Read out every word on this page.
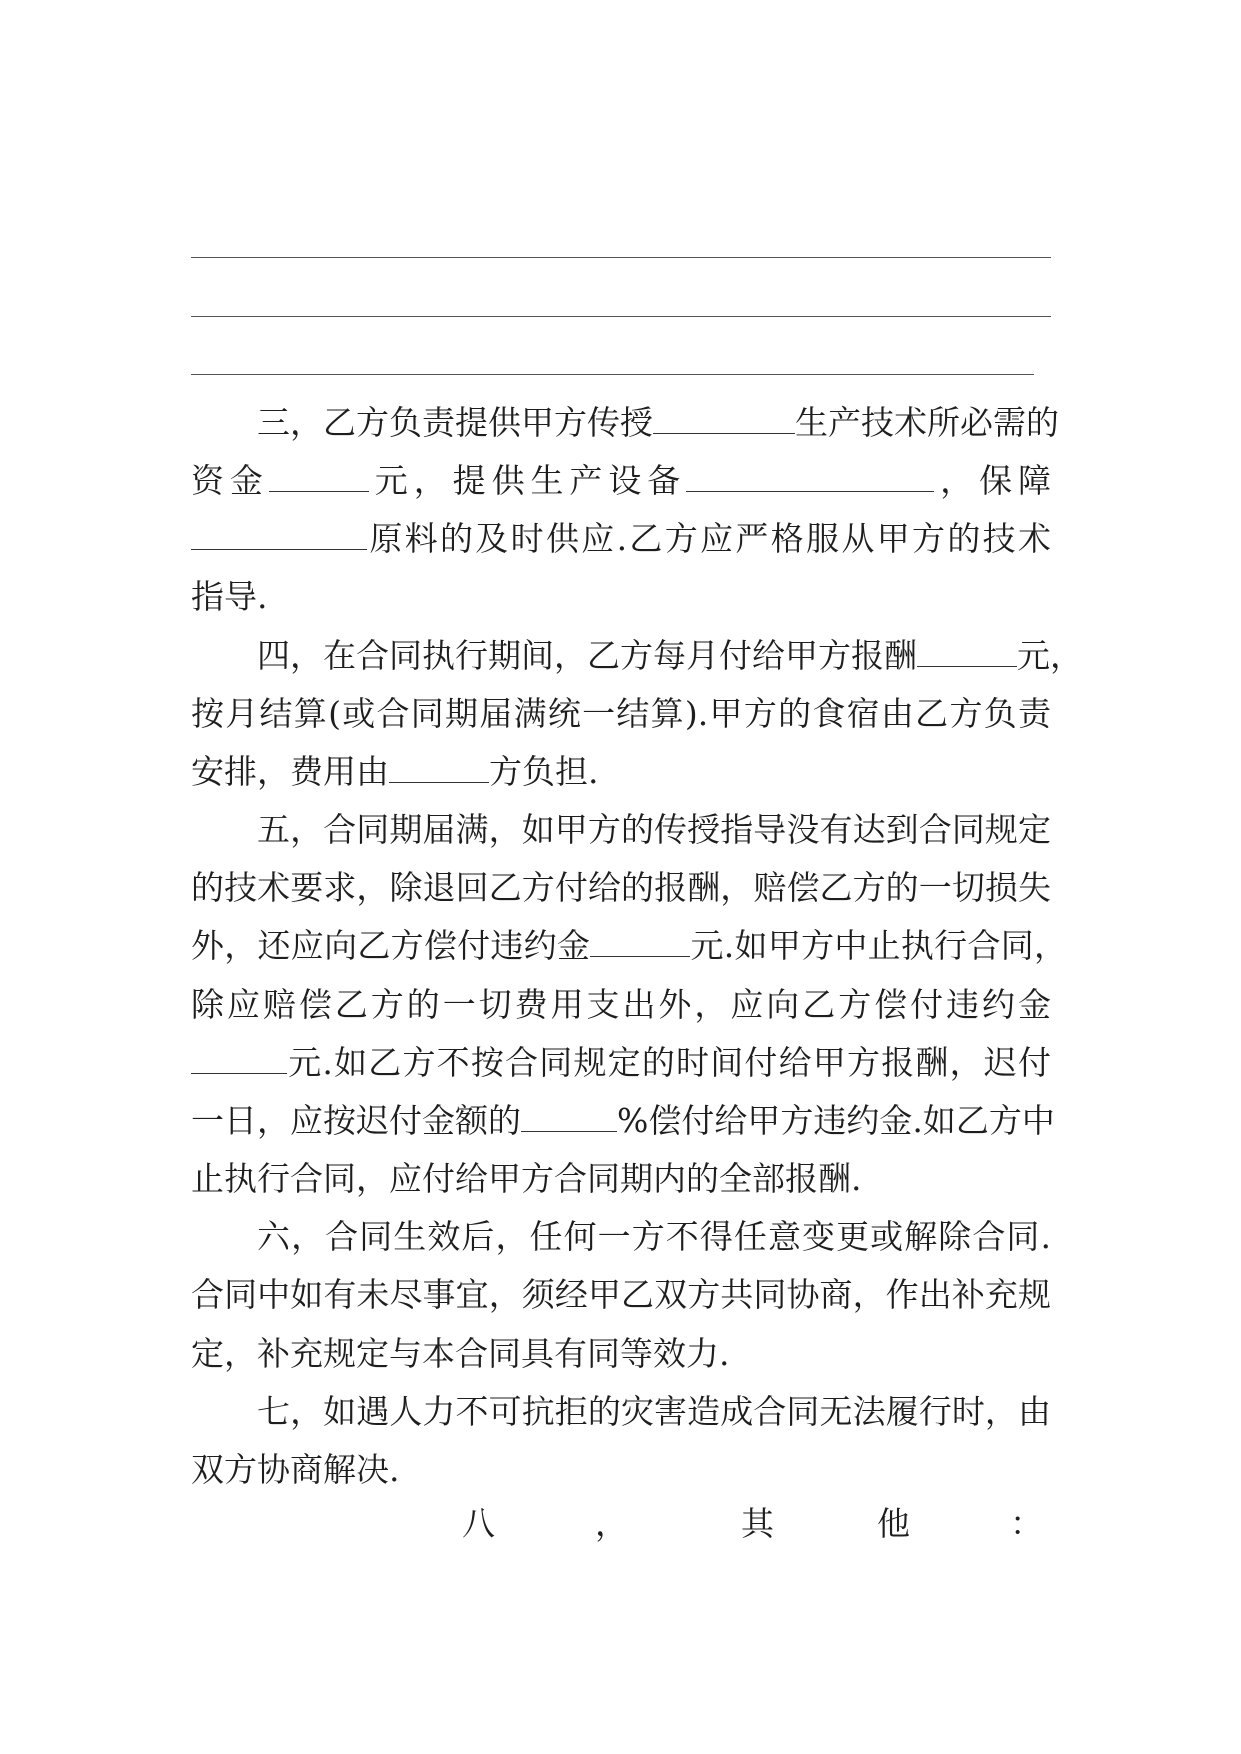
三，乙方负责提供甲方传授	生产技术所必需的
资金	元，提供生产设备	，保障
原料的及时供应.乙方应严格服从甲方的技术
指导.
四，在合同执行期间，乙方每月付给甲方报酬	元，
按月结算(或合同期届满统一结算).甲方的食宿由乙方负责
安排，费用由	方负担.
五，合同期届满，如甲方的传授指导没有达到合同规定
的技术要求，除退回乙方付给的报酬，赔偿乙方的一切损失
外，还应向乙方偿付违约金	元.如甲方中止执行合同，
除应赔偿乙方的一切费用支出外，应向乙方偿付违约金
元.如乙方不按合同规定的时间付给甲方报酬，迟付
一日，应按迟付金额的	%偿付给甲方违约金.如乙方中
止执行合同，应付给甲方合同期内的全部报酬.
六，合同生效后，任何一方不得任意变更或解除合同.
合同中如有未尽事宜，须经甲乙双方共同协商，作出补充规
定，补充规定与本合同具有同等效力.
七，如遇人力不可抗拒的灾害造成合同无法履行时，由
双方协商解决.
八	，	其	他	：
